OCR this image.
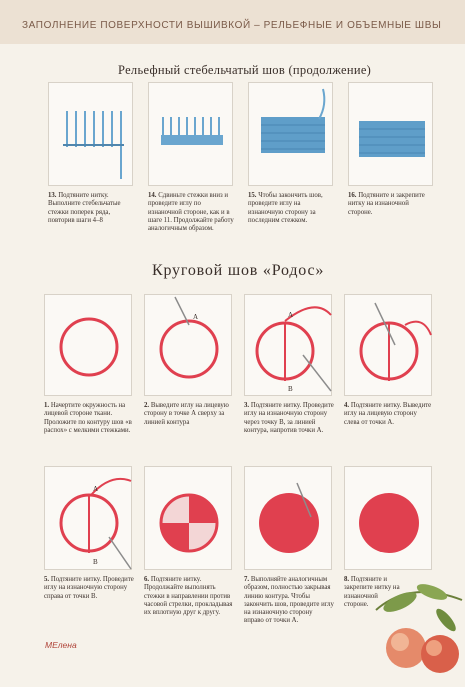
ЗАПОЛНЕНИЕ ПОВЕРХНОСТИ ВЫШИВКОЙ – РЕЛЬЕФНЫЕ И ОБЪЕМНЫЕ ШВЫ
Рельефный стебельчатый шов (продолжение)
13. Подтяните нитку. Выполните стебельчатые стежки поперек ряда, повторив шаги 4–8
14. Сдвиньте стежки вниз и проведите иглу по изнаночной стороне, как и в шаге 11. Продолжайте работу аналогичным образом.
15. Чтобы закончить шов, проведите иглу на изнаночную сторону за последним стежком.
16. Подтяните и закрепите нитку на изнаночной стороне.
Круговой шов «Родос»
А	А
В
1. Начертите окружность на лицевой стороне ткани. Проложите по контуру шов «в распох» с мелкими стежками.
2. Выведите иглу на лицевую сторону в точке А сверху за линией контура
3. Подтяните нитку. Проведите иглу на изнаночную сторону через точку В, за линией контура, напротив точки А.
4. Подтяните нитку. Выведите иглу на лицевую сторону слева от точки А.
А
В
5. Подтяните нитку. Проведите иглу на изнаночную сторону справа от точки В.
6. Подтяните нитку. Продолжайте выполнять стежки в направлении против часовой стрелки, прокладывая их вплотную друг к другу.
7. Выполняйте аналогичным образом, полностью закрывая линию контура. Чтобы закончить шов, проведите иглу на изнаночную сторону вправо от точки А.
8. Подтяните и закрепите нитку на изнаночной стороне.
МЕлена
